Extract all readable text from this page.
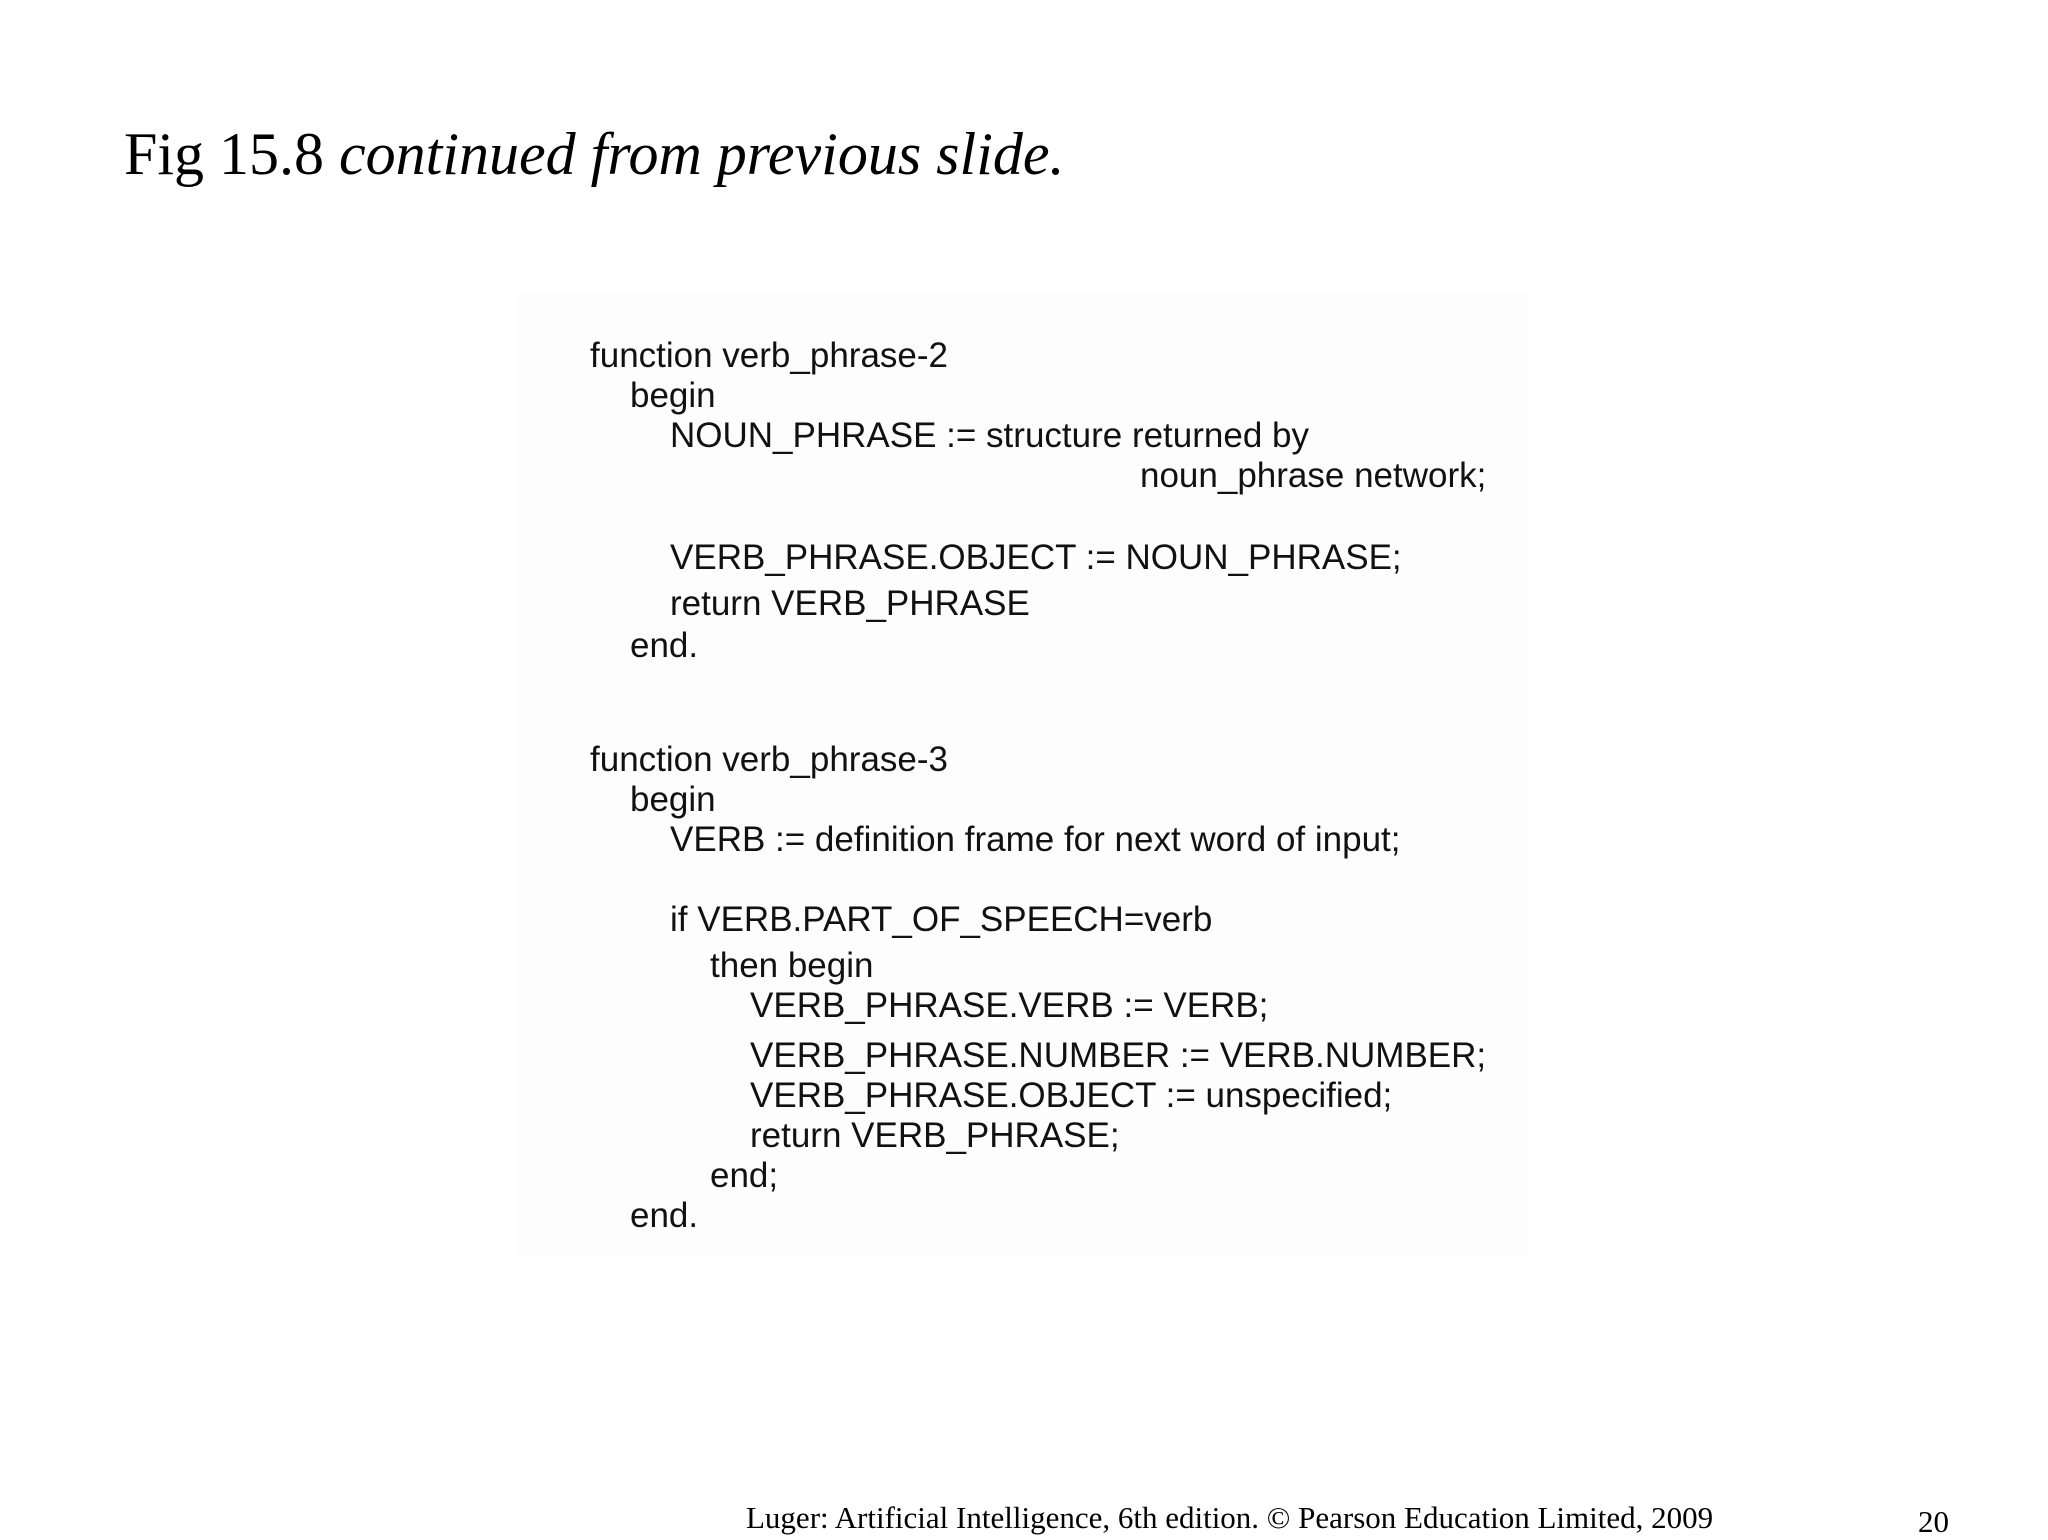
Fig 15.8 continued from previous slide.
function verb_phrase-2
begin
NOUN_PHRASE := structure returned by
noun_phrase network;
VERB_PHRASE.OBJECT := NOUN_PHRASE;
return VERB_PHRASE
end.
function verb_phrase-3
begin
VERB := definition frame for next word of input;
if VERB.PART_OF_SPEECH=verb
then begin
VERB_PHRASE.VERB := VERB;
VERB_PHRASE.NUMBER := VERB.NUMBER;
VERB_PHRASE.OBJECT := unspecified;
return VERB_PHRASE;
end;
end.
Luger: Artificial Intelligence, 6th edition. © Pearson Education Limited, 2009	20
